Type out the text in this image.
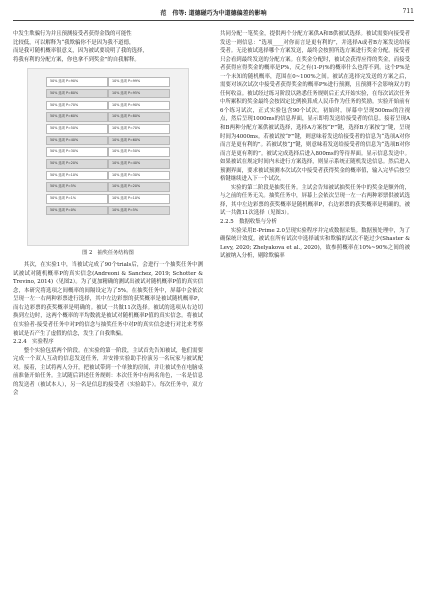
范　伟等: 道德碰巧为中道德偏差的影响	711

中发生欺骗行为并且预测接受者获得金钱的可能性

比较低，可以解释为“我欺骗你不是因为我不道德，

而是我可随机概率很意义，因为被试要说明了我的选择，

将我有利的分配方案，你也拿不到奖金”的自我解释。

50% 选项 P=90%
50% 选项 P=80%
50% 选项 P=70%
50% 选项 P=60%
50% 选项 P=50%
50% 选项 P=40%
50% 选项 P=30%
50% 选项 P=20%
50% 选项 P=10%
50% 选项 P=5%
50% 选项 P=1%
50% 选项 P=0%
10% 选项 P=99%
10% 选项 P=95%
10% 选项 P=90%
10% 选项 P=80%
10% 选项 P=70%
10% 选项 P=60%
10% 选项 P=50%
10% 选项 P=40%
10% 选项 P=30%
10% 选项 P=20%
10% 选项 P=10%
10% 选项 P=5%
图 2　抽奖任务结构图

其次，在实验1中，当被试完成了90个trials后，会进行一个抽奖任务中测试被试对随机概率P的真实信念(Andreoni & Sanchez, 2019; Schotter & Trevino, 2014)（见图2）。为了更加精确的测试出被试对随机概率P值的真实信念，本研究将选项之间概率的间隔设定为了5%。在抽奖任务中，屏幕中会依次呈现一左一右两种彩票进行选择，其中左边彩票的获奖概率是被试随机概率P，而右边彩票的获奖概率是明确的。被试一共做11次选择。被试的选项从右边切换到左边时，这两个概率的平均数就是被试对随机概率P值的真实信念。将被试在实验者-接受者任务中对P的信念与抽奖任务中对P的真实信念进行对比来考察被试是否产生了虚假的信念，发生了自我欺骗。

2.2.4　实验程序

整个实验包括两个阶段。在实验的第一阶段，主试首先告知被试，他们需要完成一个双人互动的信息发送任务，并安排实验助手扮演另一名玩家与被试配对。接着，主试将两人分开，把被试带到一个单独的房间，并让被试坐在电脑桌前准备开始任务。主试随后讲述任务规则：本次任务中有两名角色，一名是信息的发送者（被试本人），另一名是信息的接受者（实验助手）。每次任务中，双方会

共同分配一笔奖金，提供两个分配方案供A和B供被试选择。被试需要向接受者发送一则信息：“选项____对你而言是更有利的”，并选择A或者B方案发送给接受者。无论被试选择哪个方案发送，最终会按照所选方案进行奖金分配。接受者只会看到最终发送的分配方案。在奖金分配时，被试会获得应得的奖金，而接受者获得应得奖金的概率是P%，反之有(1-P)%的概率什么也得不到。这个P%是一个未知的随机概率，范围在0~100%之间。被试在选择完发送的方案之后，需要对该次试次中接受者获得奖金的概率P%进行预测，且预测不会影响双方的任何收益。被试经过练习阶段以熟悉任务规则后正式开始实验，在每次试次任务中所累积的奖金最终会按固定比例换算成人民币作为任务的奖励。实验开始前有6个练习试次，正式实验包含90个试次。初始时，屏幕中呈现500ms的注视点，然后呈现1000ms的信息界面，显示即将发送给接受者的信息。接着呈现A和B两种分配方案供被试选择，选择A方案按“F”键，选择B方案按“J”键，呈现时间为4000ms。若被试按“F”键，则意味着发送给接受者的信息为“选项A对你而言是更有利的”。若被试按“J”键，则意味着发送给接受者的信息为“选项B对你而言是更有利的”。被试完成选择后进入800ms的等待界面。显示信息发送中。如果被试在规定时间内未进行方案选择，则显示系统正随机发送信息。然后进入预测界面，要求被试预测本次试次中接受者获得奖金的概率值，输入完毕后按空格键继续进入下一个试次。

实验的第二阶段是抽奖任务。主试会告知被试抽奖任务中的奖金是额外的，与之前的任务无关。抽奖任务中，屏幕上会依次呈现一左一右两种彩票供被试选择，其中左边彩票的获奖概率是随机概率P，右边彩票的获奖概率是明确的，被试一共做11次选择（见图3）。

2.2.5　数据收集与分析

实验采用E-Prime 2.0呈现实验程序并完成数据采集。数据预处理中，为了确保统计效度，被试在所有试次中选择诚实和欺骗的试次不能过少(Shaster & Levy, 2020; Zhelyakova et al., 2020)，故参照概率在10%~90%之间的被试被纳入分析，剔除欺骗率
